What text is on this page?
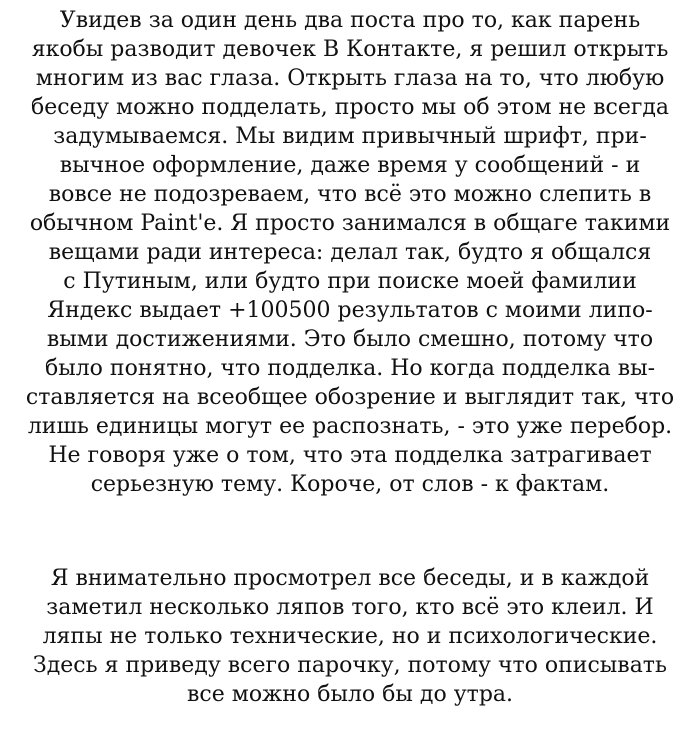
Увидев за один день два поста про то, как парень
якобы разводит девочек В Контакте, я решил открыть
многим из вас глаза. Открыть глаза на то, что любую
беседу можно подделать, просто мы об этом не всегда
задумываемся. Мы видим привычный шрифт, при-
вычное оформление, даже время у сообщений - и
вовсе не подозреваем, что всё это можно слепить в
обычном Paint'е. Я просто занимался в общаге такими
вещами ради интереса: делал так, будто я общался
с Путиным, или будто при поиске моей фамилии
Яндекс выдает +100500 результатов с моими липо-
выми достижениями. Это было смешно, потому что
было понятно, что подделка. Но когда подделка вы-
ставляется на всеобщее обозрение и выглядит так, что
лишь единицы могут ее распознать, - это уже перебор.
Не говоря уже о том, что эта подделка затрагивает
серьезную тему. Короче, от слов - к фактам.
Я внимательно просмотрел все беседы, и в каждой
заметил несколько ляпов того, кто всё это клеил. И
ляпы не только технические, но и психологические.
Здесь я приведу всего парочку, потому что описывать
все можно было бы до утра.
